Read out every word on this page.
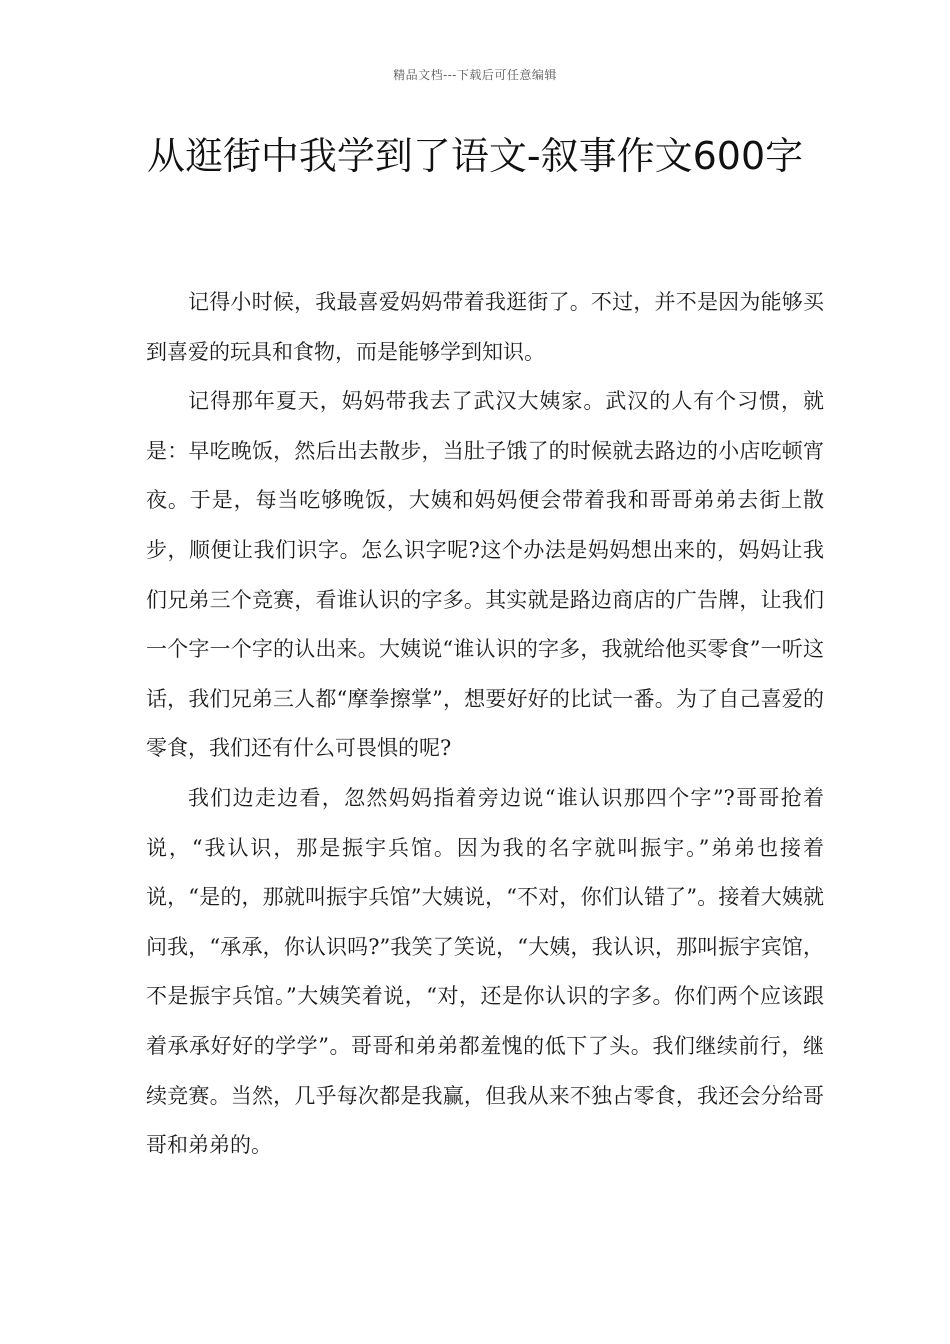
精品文档---下载后可任意编辑
从逛街中我学到了语文-叙事作文600字

记得小时候，我最喜爱妈妈带着我逛街了。不过，并不是因为能够买到喜爱的玩具和食物，而是能够学到知识。

记得那年夏天，妈妈带我去了武汉大姨家。武汉的人有个习惯，就是：早吃晚饭，然后出去散步，当肚子饿了的时候就去路边的小店吃顿宵夜。于是，每当吃够晚饭，大姨和妈妈便会带着我和哥哥弟弟去街上散步，顺便让我们识字。怎么识字呢?这个办法是妈妈想出来的，妈妈让我们兄弟三个竞赛，看谁认识的字多。其实就是路边商店的广告牌，让我们一个字一个字的认出来。大姨说“谁认识的字多，我就给他买零食”一听这话，我们兄弟三人都“摩拳擦掌”，想要好好的比试一番。为了自己喜爱的零食，我们还有什么可畏惧的呢?

我们边走边看，忽然妈妈指着旁边说“谁认识那四个字”?哥哥抢着说，“我认识，那是振宇兵馆。因为我的名字就叫振宇。”弟弟也接着说，“是的，那就叫振宇兵馆”大姨说，“不对，你们认错了”。接着大姨就问我，“承承，你认识吗?”我笑了笑说，“大姨，我认识，那叫振宇宾馆，不是振宇兵馆。”大姨笑着说，“对，还是你认识的字多。你们两个应该跟着承承好好的学学”。哥哥和弟弟都羞愧的低下了头。我们继续前行，继续竞赛。当然，几乎每次都是我赢，但我从来不独占零食，我还会分给哥哥和弟弟的。
